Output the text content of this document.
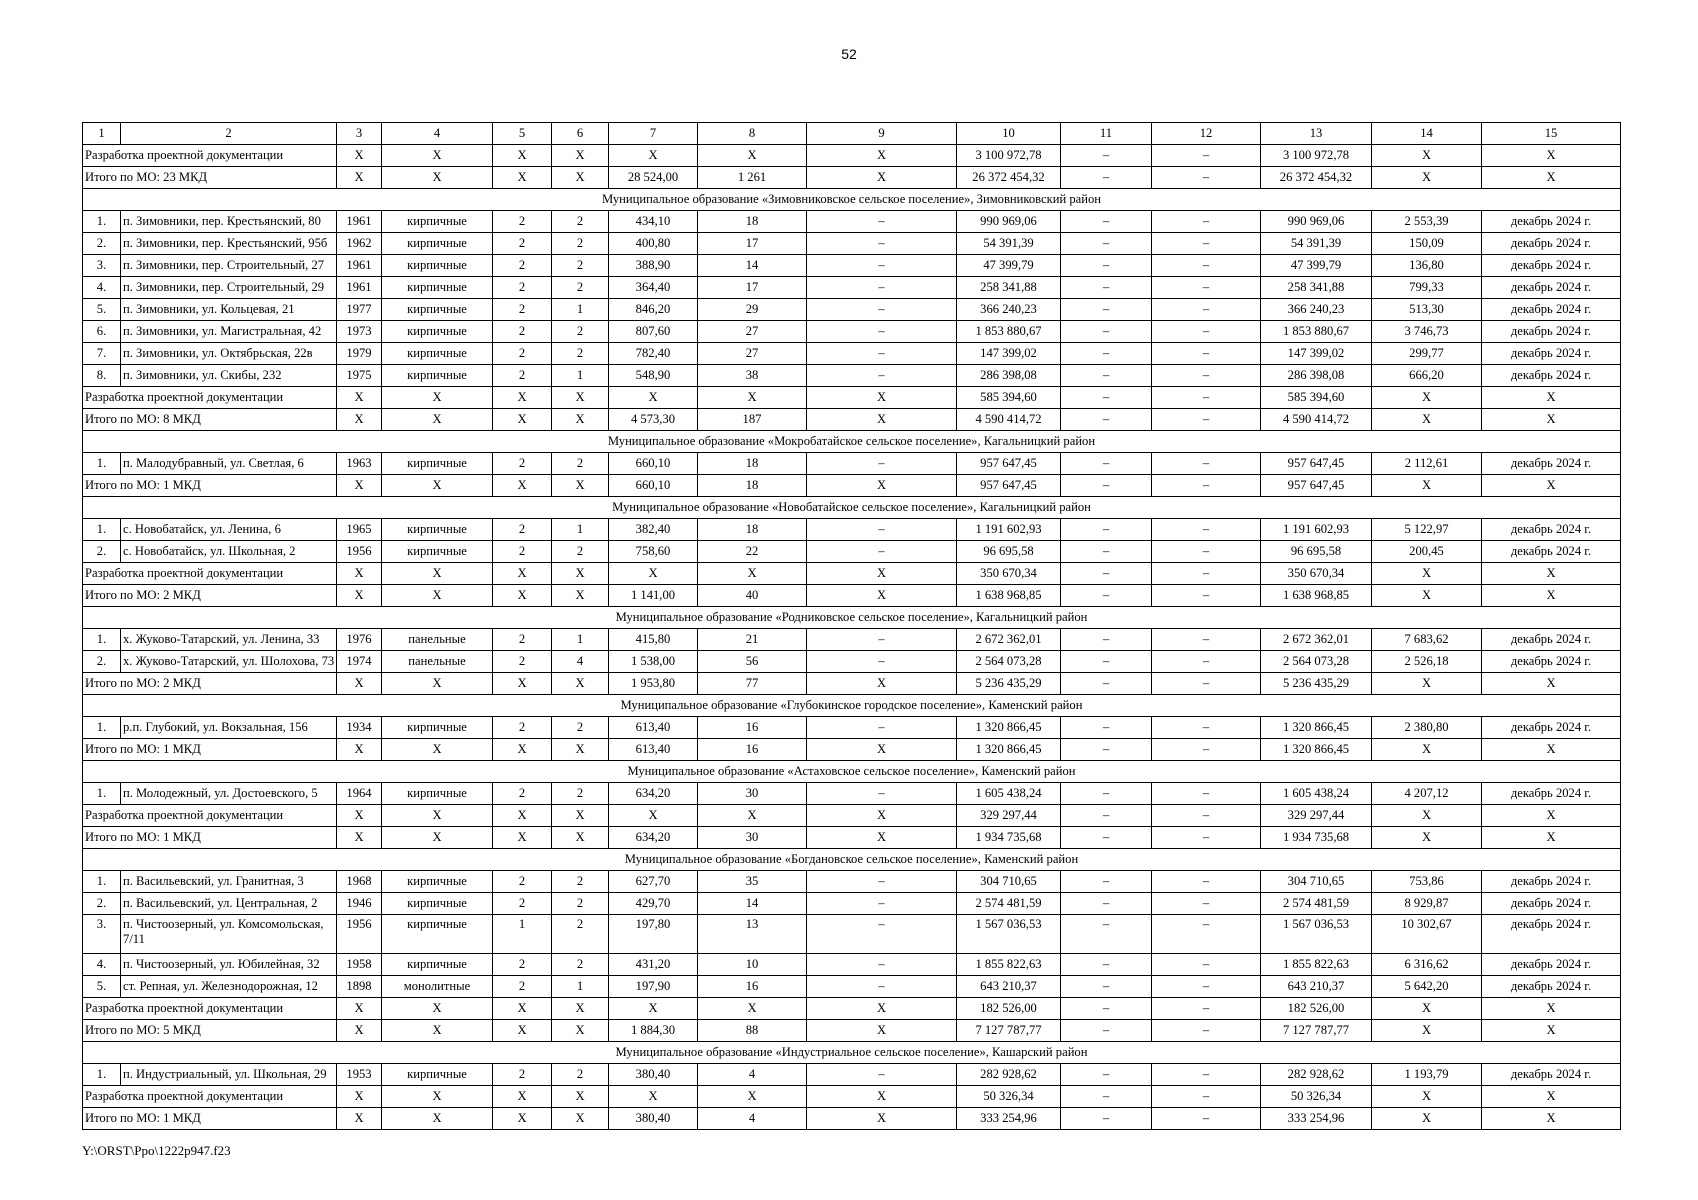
52
1	2	3	4	5	6	7	8	9	10	11	12	13	14	15
Разработка проектной документации		X	X	X	X	X	X	X	3 100 972,78	–	–	3 100 972,78	X	X
Итого по МО: 23 МКД		X	X	X	X	28 524,00	1 261	X	26 372 454,32	–	–	26 372 454,32	X	X
Муниципальное образование «Зимовниковское сельское поселение», Зимовниковский район														
1.	п. Зимовники, пер. Крестьянский, 80	1961	кирпичные	2	2	434,10	18	–	990 969,06	–	–	990 969,06	2 553,39	декабрь 2024 г.
2.	п. Зимовники, пер. Крестьянский, 95б	1962	кирпичные	2	2	400,80	17	–	54 391,39	–	–	54 391,39	150,09	декабрь 2024 г.
3.	п. Зимовники, пер. Строительный, 27	1961	кирпичные	2	2	388,90	14	–	47 399,79	–	–	47 399,79	136,80	декабрь 2024 г.
4.	п. Зимовники, пер. Строительный, 29	1961	кирпичные	2	2	364,40	17	–	258 341,88	–	–	258 341,88	799,33	декабрь 2024 г.
5.	п. Зимовники, ул. Кольцевая, 21	1977	кирпичные	2	1	846,20	29	–	366 240,23	–	–	366 240,23	513,30	декабрь 2024 г.
6.	п. Зимовники, ул. Магистральная, 42	1973	кирпичные	2	2	807,60	27	–	1 853 880,67	–	–	1 853 880,67	3 746,73	декабрь 2024 г.
7.	п. Зимовники, ул. Октябрьская, 22в	1979	кирпичные	2	2	782,40	27	–	147 399,02	–	–	147 399,02	299,77	декабрь 2024 г.
8.	п. Зимовники, ул. Скибы, 232	1975	кирпичные	2	1	548,90	38	–	286 398,08	–	–	286 398,08	666,20	декабрь 2024 г.
Разработка проектной документации		X	X	X	X	X	X	X	585 394,60	–	–	585 394,60	X	X
Итого по МО: 8 МКД		X	X	X	X	4 573,30	187	X	4 590 414,72	–	–	4 590 414,72	X	X
Муниципальное образование «Мокробатайское сельское поселение», Кагальницкий район														
1.	п. Малодубравный, ул. Светлая, 6	1963	кирпичные	2	2	660,10	18	–	957 647,45	–	–	957 647,45	2 112,61	декабрь 2024 г.
Итого по МО: 1 МКД		X	X	X	X	660,10	18	X	957 647,45	–	–	957 647,45	X	X
Муниципальное образование «Новобатайское сельское поселение», Кагальницкий район														
1.	с. Новобатайск, ул. Ленина, 6	1965	кирпичные	2	1	382,40	18	–	1 191 602,93	–	–	1 191 602,93	5 122,97	декабрь 2024 г.
2.	с. Новобатайск, ул. Школьная, 2	1956	кирпичные	2	2	758,60	22	–	96 695,58	–	–	96 695,58	200,45	декабрь 2024 г.
Разработка проектной документации		X	X	X	X	X	X	X	350 670,34	–	–	350 670,34	X	X
Итого по МО: 2 МКД		X	X	X	X	1 141,00	40	X	1 638 968,85	–	–	1 638 968,85	X	X
Муниципальное образование «Родниковское сельское поселение», Кагальницкий район														
1.	х. Жуково-Татарский, ул. Ленина, 33	1976	панельные	2	1	415,80	21	–	2 672 362,01	–	–	2 672 362,01	7 683,62	декабрь 2024 г.
2.	х. Жуково-Татарский, ул. Шолохова, 73	1974	панельные	2	4	1 538,00	56	–	2 564 073,28	–	–	2 564 073,28	2 526,18	декабрь 2024 г.
Итого по МО: 2 МКД		X	X	X	X	1 953,80	77	X	5 236 435,29	–	–	5 236 435,29	X	X
Муниципальное образование «Глубокинское городское поселение», Каменский район														
1.	р.п. Глубокий, ул. Вокзальная, 156	1934	кирпичные	2	2	613,40	16	–	1 320 866,45	–	–	1 320 866,45	2 380,80	декабрь 2024 г.
Итого по МО: 1 МКД		X	X	X	X	613,40	16	X	1 320 866,45	–	–	1 320 866,45	X	X
Муниципальное образование «Астаховское сельское поселение», Каменский район														
1.	п. Молодежный, ул. Достоевского, 5	1964	кирпичные	2	2	634,20	30	–	1 605 438,24	–	–	1 605 438,24	4 207,12	декабрь 2024 г.
Разработка проектной документации		X	X	X	X	X	X	X	329 297,44	–	–	329 297,44	X	X
Итого по МО: 1 МКД		X	X	X	X	634,20	30	X	1 934 735,68	–	–	1 934 735,68	X	X
Муниципальное образование «Богдановское сельское поселение», Каменский район														
1.	п. Васильевский, ул. Гранитная, 3	1968	кирпичные	2	2	627,70	35	–	304 710,65	–	–	304 710,65	753,86	декабрь 2024 г.
2.	п. Васильевский, ул. Центральная, 2	1946	кирпичные	2	2	429,70	14	–	2 574 481,59	–	–	2 574 481,59	8 929,87	декабрь 2024 г.
3.	п. Чистоозерный, ул. Комсомольская, 7/11	1956	кирпичные	1	2	197,80	13	–	1 567 036,53	–	–	1 567 036,53	10 302,67	декабрь 2024 г.
4.	п. Чистоозерный, ул. Юбилейная, 32	1958	кирпичные	2	2	431,20	10	–	1 855 822,63	–	–	1 855 822,63	6 316,62	декабрь 2024 г.
5.	ст. Репная, ул. Железнодорожная, 12	1898	монолитные	2	1	197,90	16	–	643 210,37	–	–	643 210,37	5 642,20	декабрь 2024 г.
Разработка проектной документации		X	X	X	X	X	X	X	182 526,00	–	–	182 526,00	X	X
Итого по МО: 5 МКД		X	X	X	X	1 884,30	88	X	7 127 787,77	–	–	7 127 787,77	X	X
Муниципальное образование «Индустриальное сельское поселение», Кашарский район														
1.	п. Индустриальный, ул. Школьная, 29	1953	кирпичные	2	2	380,40	4	–	282 928,62	–	–	282 928,62	1 193,79	декабрь 2024 г.
Разработка проектной документации		X	X	X	X	X	X	X	50 326,34	–	–	50 326,34	X	X
Итого по МО: 1 МКД		X	X	X	X	380,40	4	X	333 254,96	–	–	333 254,96	X	X
Y:\ORST\Ppo\1222p947.f23
